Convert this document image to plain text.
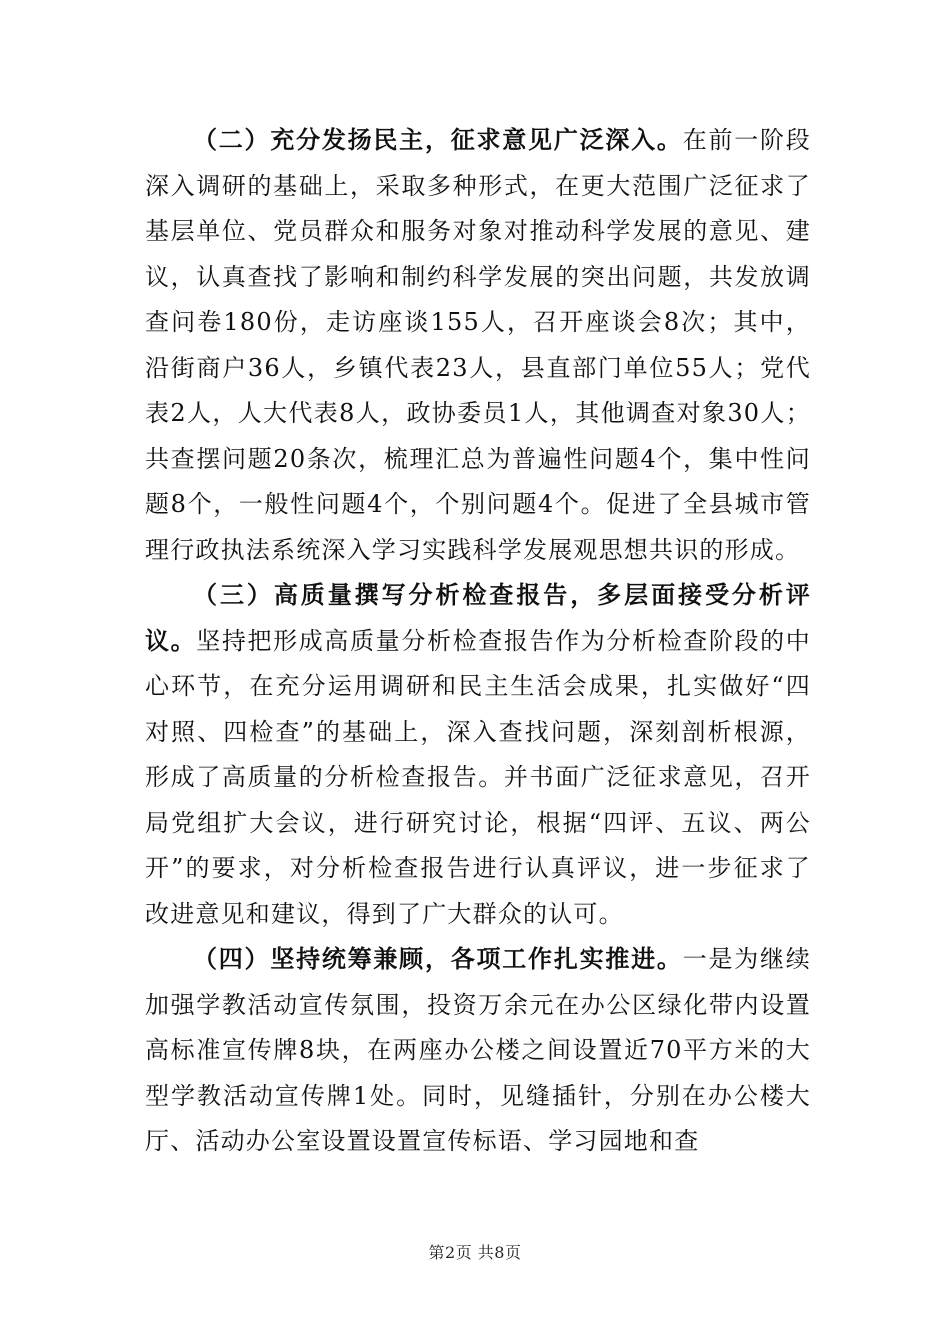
（二）充分发扬民主，征求意见广泛深入。在前一阶段深入调研的基础上，采取多种形式，在更大范围广泛征求了基层单位、党员群众和服务对象对推动科学发展的意见、建议，认真查找了影响和制约科学发展的突出问题，共发放调查问卷180份，走访座谈155人，召开座谈会8次；其中，沿街商户36人，乡镇代表23人，县直部门单位55人；党代表2人，人大代表8人，政协委员1人，其他调查对象30人；共查摆问题20条次，梳理汇总为普遍性问题4个，集中性问题8个，一般性问题4个，个别问题4个。促进了全县城市管理行政执法系统深入学习实践科学发展观思想共识的形成。

（三）高质量撰写分析检查报告，多层面接受分析评议。坚持把形成高质量分析检查报告作为分析检查阶段的中心环节，在充分运用调研和民主生活会成果，扎实做好“四对照、四检查”的基础上，深入查找问题，深刻剖析根源，形成了高质量的分析检查报告。并书面广泛征求意见，召开局党组扩大会议，进行研究讨论，根据“四评、五议、两公开”的要求，对分析检查报告进行认真评议，进一步征求了改进意见和建议，得到了广大群众的认可。

（四）坚持统筹兼顾，各项工作扎实推进。一是为继续加强学教活动宣传氛围，投资万余元在办公区绿化带内设置高标准宣传牌8块，在两座办公楼之间设置近70平方米的大型学教活动宣传牌1处。同时，见缝插针，分别在办公楼大厅、活动办公室设置设置宣传标语、学习园地和查

第2页 共8页
